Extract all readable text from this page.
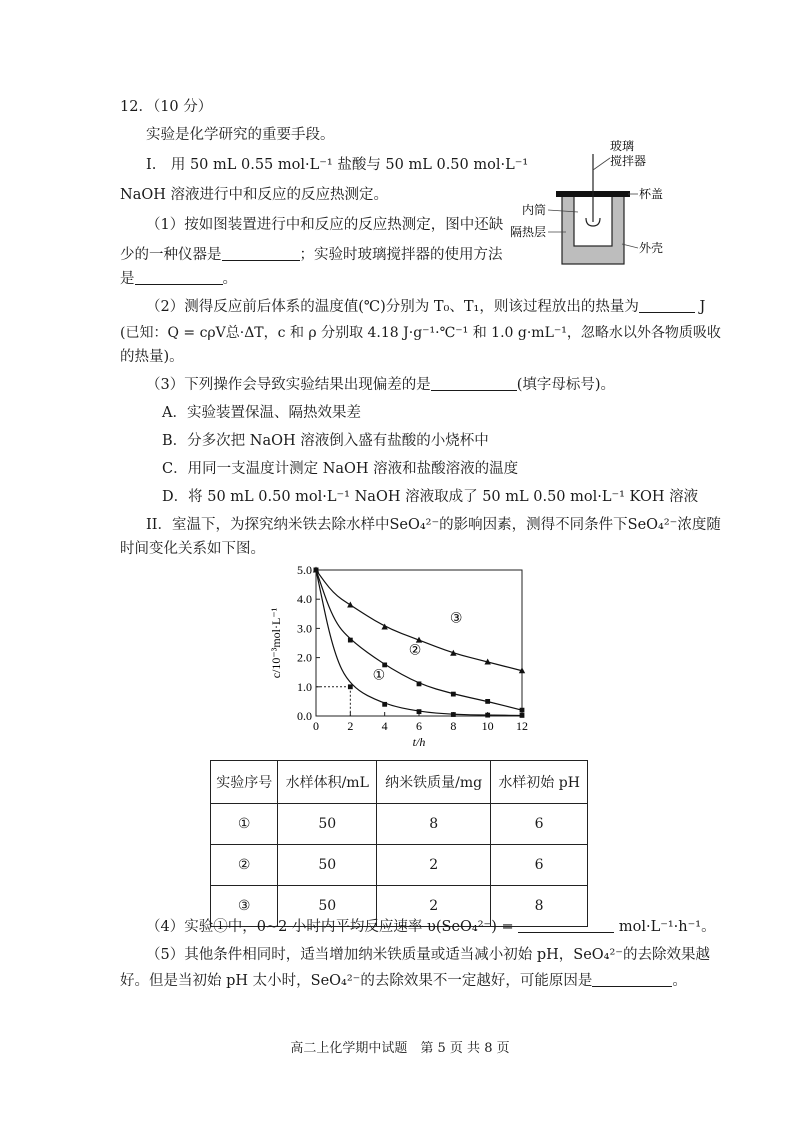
12．（10 分）
实验是化学研究的重要手段。
I.　用 50 mL 0.55 mol·L⁻¹ 盐酸与 50 mL 0.50 mol·L⁻¹
NaOH 溶液进行中和反应的反应热测定。
（1）按如图装置进行中和反应的反应热测定，图中还缺
少的一种仪器是	；实验时玻璃搅拌器的使用方法
是	。
（2）测得反应前后体系的温度值(℃)分别为 T₀、T₁，则该过程放出的热量为	J
(已知：Q = cρV总·ΔT，c 和 ρ 分别取 4.18 J·g⁻¹·℃⁻¹ 和 1.0 g·mL⁻¹，忽略水以外各物质吸收
的热量)。
（3）下列操作会导致实验结果出现偏差的是	(填字母标号)。
A．实验装置保温、隔热效果差
B．分多次把 NaOH 溶液倒入盛有盐酸的小烧杯中
C．用同一支温度计测定 NaOH 溶液和盐酸溶液的温度
D．将 50 mL 0.50 mol·L⁻¹ NaOH 溶液取成了 50 mL 0.50 mol·L⁻¹ KOH 溶液
II．室温下，为探究纳米铁去除水样中SeO₄²⁻的影响因素，测得不同条件下SeO₄²⁻浓度随
时间变化关系如下图。
玻璃
搅拌器
杯盖
内筒
隔热层
外壳
0 2 4 6 8 10 12
0.0
1.0
2.0
3.0
4.0
5.0
t/h
c/10⁻³mol·L⁻¹	①
②
③
实验序号	水样体积/mL	纳米铁质量/mg	水样初始 pH
①	50	8	6
②	50	2	6
③	50	2	8
（4）实验①中，0~2 小时内平均反应速率 υ(SeO₄²⁻) =	mol·L⁻¹·h⁻¹。
（5）其他条件相同时，适当增加纳米铁质量或适当减小初始 pH，SeO₄²⁻的去除效果越
好。但是当初始 pH 太小时，SeO₄²⁻的去除效果不一定越好，可能原因是	。
高二上化学期中试题　第 5 页 共 8 页
